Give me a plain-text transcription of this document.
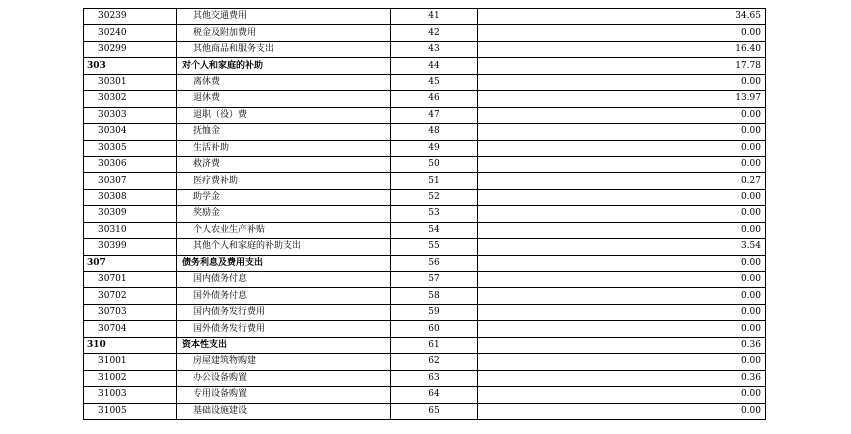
30239	其他交通费用	41	34.65
30240	税金及附加费用	42	0.00
30299	其他商品和服务支出	43	16.40
303	对个人和家庭的补助	44	17.78
30301	离休费	45	0.00
30302	退休费	46	13.97
30303	退职（役）费	47	0.00
30304	抚恤金	48	0.00
30305	生活补助	49	0.00
30306	救济费	50	0.00
30307	医疗费补助	51	0.27
30308	助学金	52	0.00
30309	奖励金	53	0.00
30310	个人农业生产补贴	54	0.00
30399	其他个人和家庭的补助支出	55	3.54
307	债务利息及费用支出	56	0.00
30701	国内债务付息	57	0.00
30702	国外债务付息	58	0.00
30703	国内债务发行费用	59	0.00
30704	国外债务发行费用	60	0.00
310	资本性支出	61	0.36
31001	房屋建筑物购建	62	0.00
31002	办公设备购置	63	0.36
31003	专用设备购置	64	0.00
31005	基础设施建设	65	0.00
